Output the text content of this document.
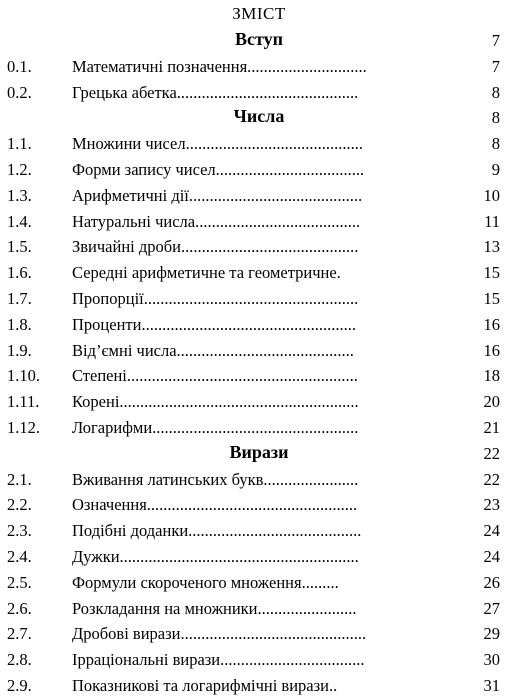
ЗМІСТ
Вступ	7
0.1. Математичні позначення.............................	7
0.2. Грецька абетка............................................	8
Числа	8
1.1. Множини чисел...........................................	8
1.2. Форми запису чисел....................................	9
1.3. Арифметичні дії..........................................	10
1.4. Натуральні числа........................................	11
1.5. Звичайні дроби...........................................	13
1.6. Середні арифметичне та геометричне.	15
1.7. Пропорції....................................................	15
1.8. Проценти....................................................	16
1.9. Від’ємні числа...........................................	16
1.10. Степені........................................................	18
1.11. Корені..........................................................	20
1.12. Логарифми..................................................	21
Вирази	22
2.1. Вживання латинських букв.......................	22
2.2. Означення...................................................	23
2.3. Подібні доданки..........................................	24
2.4. Дужки..........................................................	24
2.5. Формули скороченого множення.........	26
2.6. Розкладання на множники........................	27
2.7. Дробові вирази.............................................	29
2.8. Ірраціональні вирази...................................	30
2.9. Показникові та логарифмічні вирази..	31
